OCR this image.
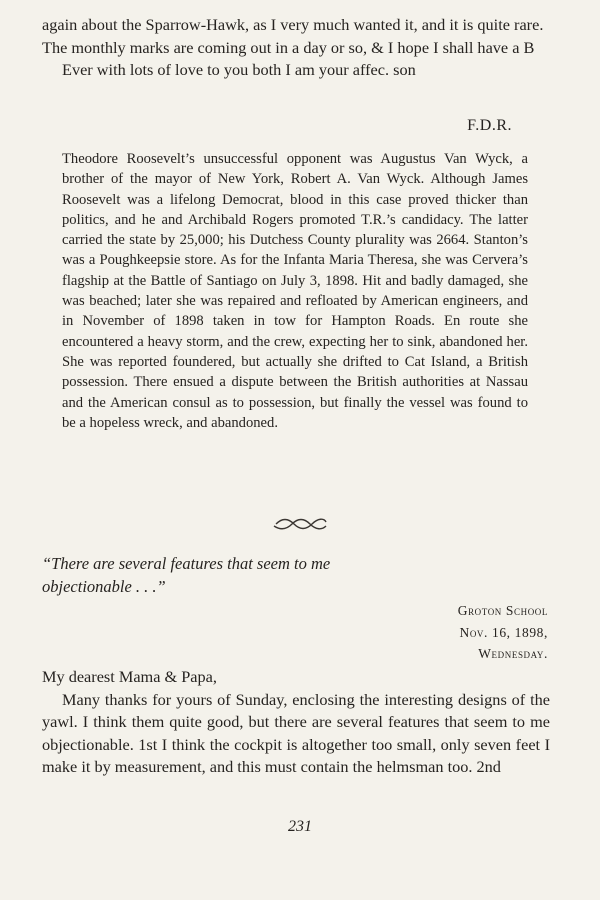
again about the Sparrow-Hawk, as I very much wanted it, and it is quite rare. The monthly marks are coming out in a day or so, & I hope I shall have a B

Ever with lots of love to you both I am your affec. son

F.D.R.

Theodore Roosevelt’s unsuccessful opponent was Augustus Van Wyck, a brother of the mayor of New York, Robert A. Van Wyck. Although James Roosevelt was a lifelong Democrat, blood in this case proved thicker than politics, and he and Archibald Rogers promoted T.R.’s candidacy. The latter carried the state by 25,000; his Dutchess County plurality was 2664. Stanton’s was a Poughkeepsie store. As for the Infanta Maria Theresa, she was Cervera’s flagship at the Battle of Santiago on July 3, 1898. Hit and badly damaged, she was beached; later she was repaired and refloated by American engineers, and in November of 1898 taken in tow for Hampton Roads. En route she encountered a heavy storm, and the crew, expecting her to sink, abandoned her. She was reported foundered, but actually she drifted to Cat Island, a British possession. There ensued a dispute between the British authorities at Nassau and the American consul as to possession, but finally the vessel was found to be a hopeless wreck, and abandoned.

“There are several features that seem to me objectionable . . .”
Groton School
Nov. 16, 1898,
Wednesday.

My dearest Mama & Papa,

Many thanks for yours of Sunday, enclosing the interesting designs of the yawl. I think them quite good, but there are several features that seem to me objectionable. 1st I think the cockpit is altogether too small, only seven feet I make it by measurement, and this must contain the helmsman too. 2nd

231
